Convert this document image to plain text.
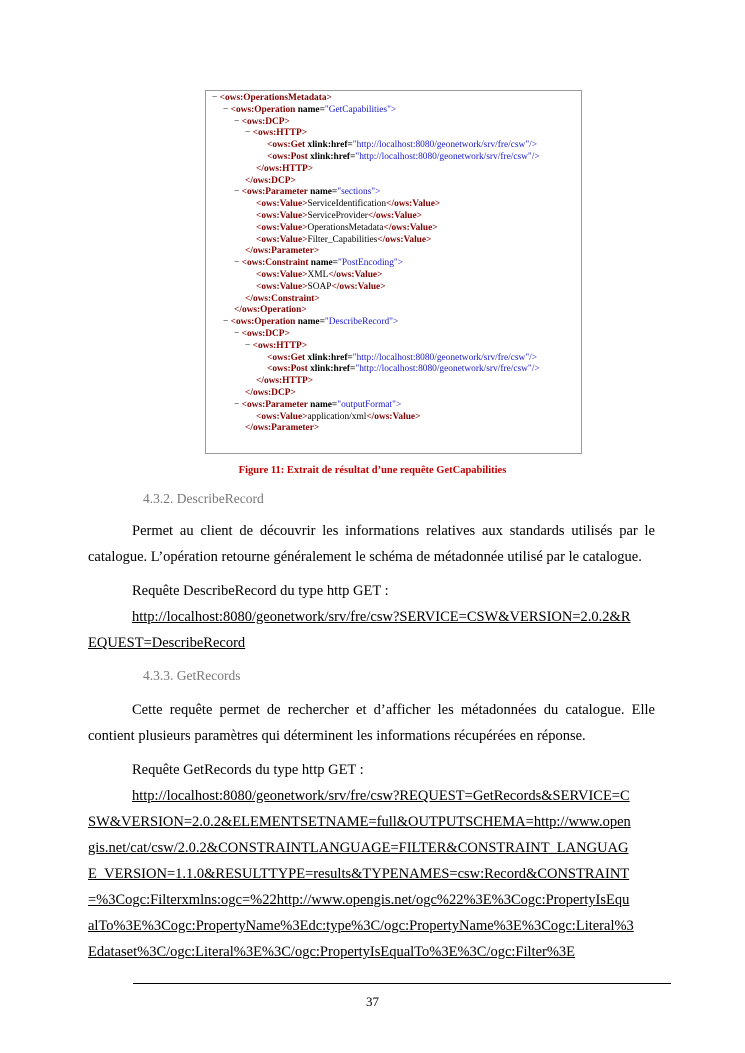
− <ows:OperationsMetadata>
− <ows:Operation name="GetCapabilities">
− <ows:DCP>
− <ows:HTTP>
<ows:Get xlink:href="http://localhost:8080/geonetwork/srv/fre/csw"/>
<ows:Post xlink:href="http://localhost:8080/geonetwork/srv/fre/csw"/>
</ows:HTTP>
</ows:DCP>
− <ows:Parameter name="sections">
<ows:Value>ServiceIdentification</ows:Value>
<ows:Value>ServiceProvider</ows:Value>
<ows:Value>OperationsMetadata</ows:Value>
<ows:Value>Filter_Capabilities</ows:Value>
</ows:Parameter>
− <ows:Constraint name="PostEncoding">
<ows:Value>XML</ows:Value>
<ows:Value>SOAP</ows:Value>
</ows:Constraint>
</ows:Operation>
− <ows:Operation name="DescribeRecord">
− <ows:DCP>
− <ows:HTTP>
<ows:Get xlink:href="http://localhost:8080/geonetwork/srv/fre/csw"/>
<ows:Post xlink:href="http://localhost:8080/geonetwork/srv/fre/csw"/>
</ows:HTTP>
</ows:DCP>
− <ows:Parameter name="outputFormat">
<ows:Value>application/xml</ows:Value>
</ows:Parameter>
Figure 11: Extrait de résultat d’une requête GetCapabilities
4.3.2. DescribeRecord

Permet au client de découvrir les informations relatives aux standards utilisés par le catalogue. L’opération retourne généralement le schéma de métadonnée utilisé par le catalogue.

Requête DescribeRecord du type http GET :
http://localhost:8080/geonetwork/srv/fre/csw?SERVICE=CSW&VERSION=2.0.2&R
EQUEST=DescribeRecord
4.3.3. GetRecords

Cette requête permet de rechercher et d’afficher les métadonnées du catalogue. Elle contient plusieurs paramètres qui déterminent les informations récupérées en réponse.

Requête GetRecords du type http GET :
http://localhost:8080/geonetwork/srv/fre/csw?REQUEST=GetRecords&SERVICE=C
SW&VERSION=2.0.2&ELEMENTSETNAME=full&OUTPUTSCHEMA=http://www.open
gis.net/cat/csw/2.0.2&CONSTRAINTLANGUAGE=FILTER&CONSTRAINT_LANGUAG
E_VERSION=1.1.0&RESULTTYPE=results&TYPENAMES=csw:Record&CONSTRAINT
=%3Cogc:Filterxmlns:ogc=%22http://www.opengis.net/ogc%22%3E%3Cogc:PropertyIsEqu
alTo%3E%3Cogc:PropertyName%3Edc:type%3C/ogc:PropertyName%3E%3Cogc:Literal%3
Edataset%3C/ogc:Literal%3E%3C/ogc:PropertyIsEqualTo%3E%3C/ogc:Filter%3E
37
